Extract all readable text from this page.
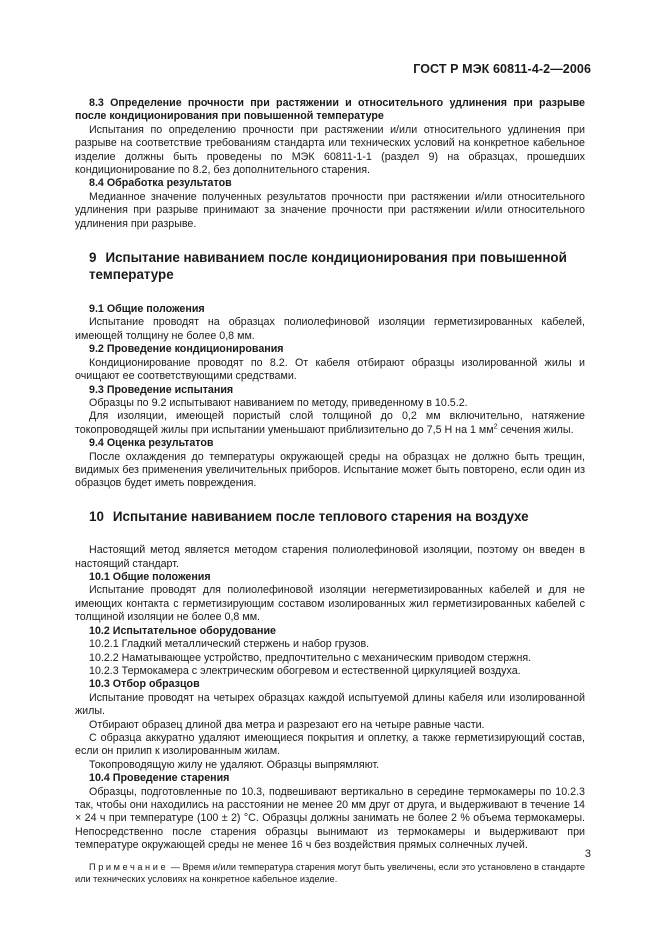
ГОСТ Р МЭК 60811-4-2—2006

8.3 Определение прочности при растяжении и относительного удлинения при разрыве после кондиционирования при повышенной температуре

Испытания по определению прочности при растяжении и/или относительного удлинения при разрыве на соответствие требованиям стандарта или технических условий на конкретное кабельное изделие должны быть проведены по МЭК 60811-1-1 (раздел 9) на образцах, прошедших кондиционирование по 8.2, без дополнительного старения.

8.4 Обработка результатов

Медианное значение полученных результатов прочности при растяжении и/или относительного удлинения при разрыве принимают за значение прочности при растяжении и/или относительного удлинения при разрыве.

9 Испытание навиванием после кондиционирования при повышенной
температуре

9.1 Общие положения

Испытание проводят на образцах полиолефиновой изоляции герметизированных кабелей, имеющей толщину не более 0,8 мм.

9.2 Проведение кондиционирования

Кондиционирование проводят по 8.2. От кабеля отбирают образцы изолированной жилы и очищают ее соответствующими средствами.

9.3 Проведение испытания

Образцы по 9.2 испытывают навиванием по методу, приведенному в 10.5.2.

Для изоляции, имеющей пористый слой толщиной до 0,2 мм включительно, натяжение токопроводящей жилы при испытании уменьшают приблизительно до 7,5 Н на 1 $мм^2$ сечения жилы.

9.4 Оценка результатов

После охлаждения до температуры окружающей среды на образцах не должно быть трещин, видимых без применения увеличительных приборов. Испытание может быть повторено, если один из образцов будет иметь повреждения.

10 Испытание навиванием после теплового старения на воздухе

Настоящий метод является методом старения полиолефиновой изоляции, поэтому он введен в настоящий стандарт.

10.1 Общие положения

Испытание проводят для полиолефиновой изоляции негерметизированных кабелей и для не имеющих контакта с герметизирующим составом изолированных жил герметизированных кабелей с толщиной изоляции не более 0,8 мм.

10.2 Испытательное оборудование

10.2.1 Гладкий металлический стержень и набор грузов.

10.2.2 Наматывающее устройство, предпочтительно с механическим приводом стержня.

10.2.3 Термокамера с электрическим обогревом и естественной циркуляцией воздуха.

10.3 Отбор образцов

Испытание проводят на четырех образцах каждой испытуемой длины кабеля или изолированной жилы.

Отбирают образец длиной два метра и разрезают его на четыре равные части.

С образца аккуратно удаляют имеющиеся покрытия и оплетку, а также герметизирующий состав, если он прилип к изолированным жилам.

Токопроводящую жилу не удаляют. Образцы выпрямляют.

10.4 Проведение старения

Образцы, подготовленные по 10.3, подвешивают вертикально в середине термокамеры по 10.2.3 так, чтобы они находились на расстоянии не менее 20 мм друг от друга, и выдерживают в течение 14 × 24 ч при температуре (100 ± 2) °С. Образцы должны занимать не более 2 % объема термокамеры. Непосредственно после старения образцы вынимают из термокамеры и выдерживают при температуре окружающей среды не менее 16 ч без воздействия прямых солнечных лучей.

Примечание — Время и/или температура старения могут быть увеличены, если это установлено в стандарте или технических условиях на конкретное кабельное изделие.

3
